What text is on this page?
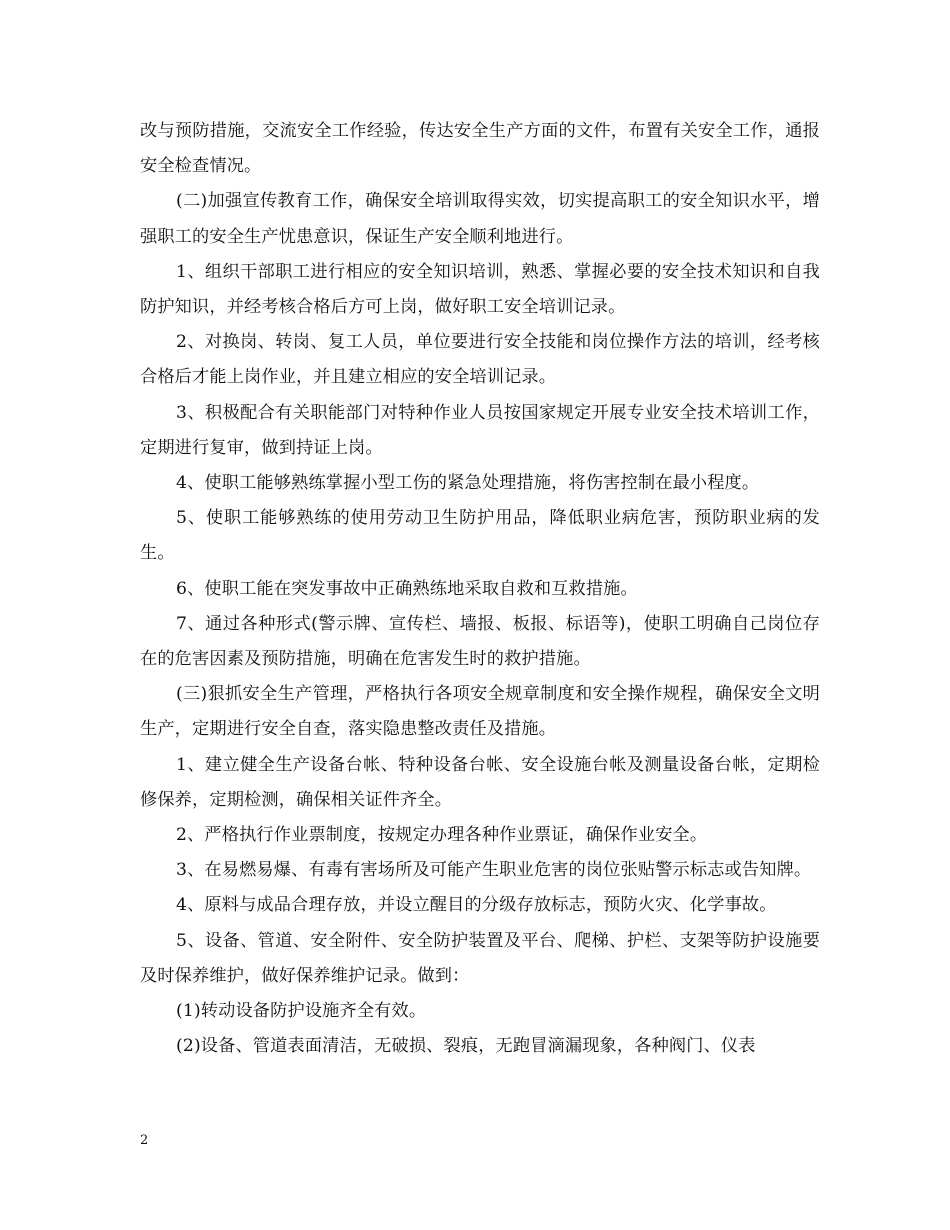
改与预防措施，交流安全工作经验，传达安全生产方面的文件，布置有关安全工作，通报安全检查情况。

(二)加强宣传教育工作，确保安全培训取得实效，切实提高职工的安全知识水平，增强职工的安全生产忧患意识，保证生产安全顺利地进行。

1、组织干部职工进行相应的安全知识培训，熟悉、掌握必要的安全技术知识和自我防护知识，并经考核合格后方可上岗，做好职工安全培训记录。

2、对换岗、转岗、复工人员，单位要进行安全技能和岗位操作方法的培训，经考核合格后才能上岗作业，并且建立相应的安全培训记录。

3、积极配合有关职能部门对特种作业人员按国家规定开展专业安全技术培训工作，定期进行复审，做到持证上岗。

4、使职工能够熟练掌握小型工伤的紧急处理措施，将伤害控制在最小程度。

5、使职工能够熟练的使用劳动卫生防护用品，降低职业病危害，预防职业病的发生。

6、使职工能在突发事故中正确熟练地采取自救和互救措施。

7、通过各种形式(警示牌、宣传栏、墙报、板报、标语等)，使职工明确自己岗位存在的危害因素及预防措施，明确在危害发生时的救护措施。

(三)狠抓安全生产管理，严格执行各项安全规章制度和安全操作规程，确保安全文明生产，定期进行安全自查，落实隐患整改责任及措施。

1、建立健全生产设备台帐、特种设备台帐、安全设施台帐及测量设备台帐，定期检修保养，定期检测，确保相关证件齐全。

2、严格执行作业票制度，按规定办理各种作业票证，确保作业安全。

3、在易燃易爆、有毒有害场所及可能产生职业危害的岗位张贴警示标志或告知牌。

4、原料与成品合理存放，并设立醒目的分级存放标志，预防火灾、化学事故。

5、设备、管道、安全附件、安全防护装置及平台、爬梯、护栏、支架等防护设施要及时保养维护，做好保养维护记录。做到：

(1)转动设备防护设施齐全有效。

(2)设备、管道表面清洁，无破损、裂痕，无跑冒滴漏现象，各种阀门、仪表

2
